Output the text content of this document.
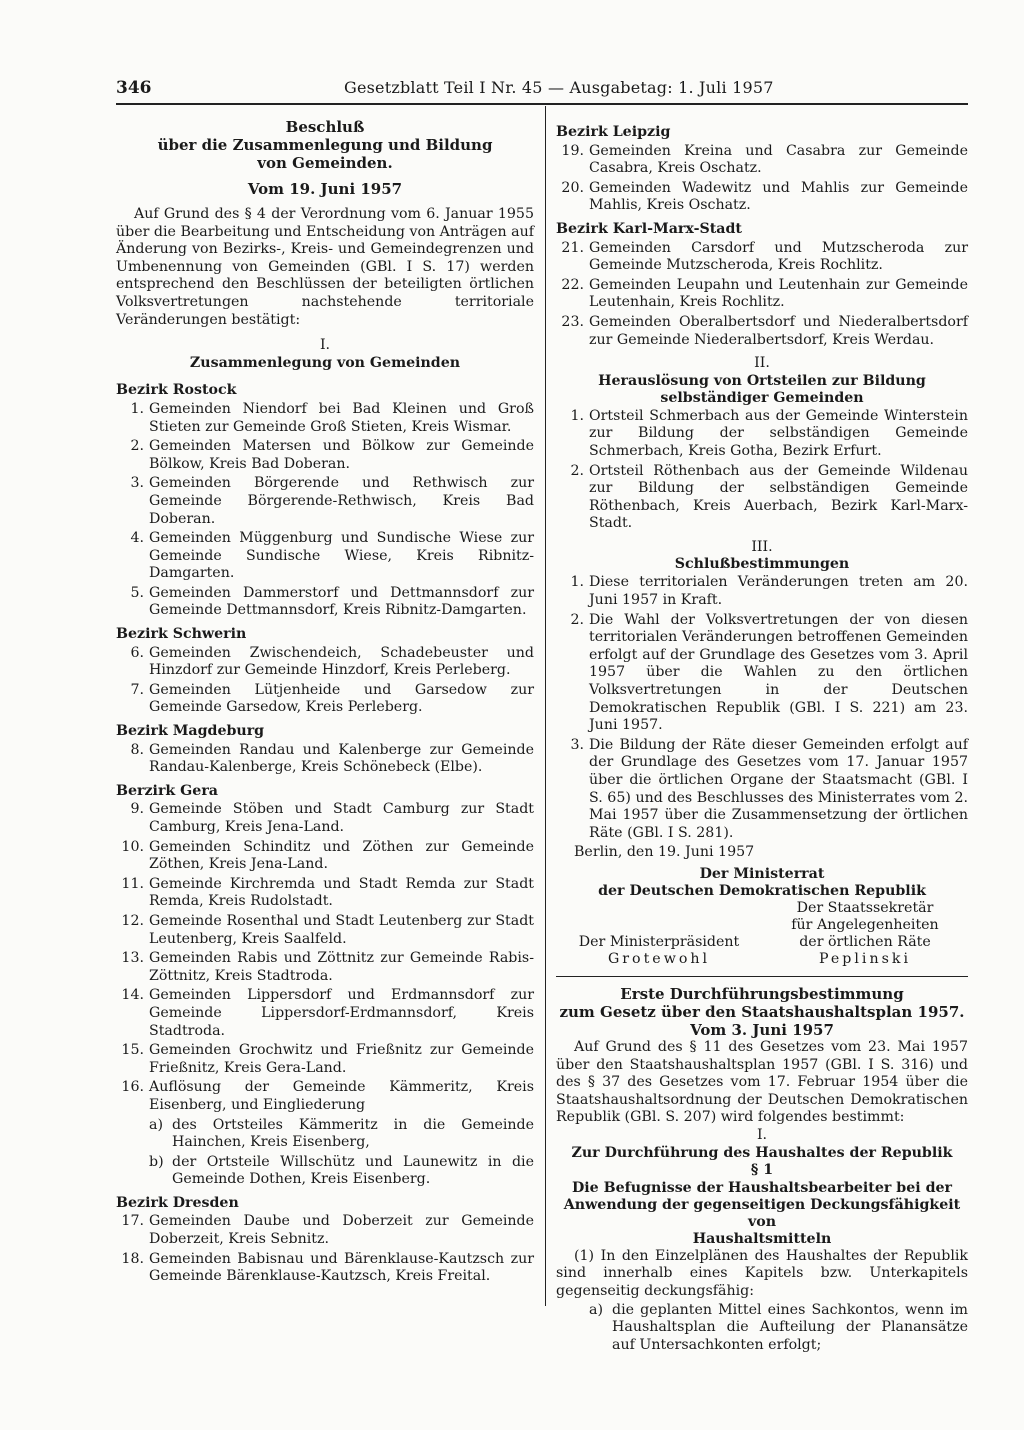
346	Gesetzblatt Teil I Nr. 45 — Ausgabetag: 1. Juli 1957
Beschluß
über die Zusammenlegung und Bildung
von Gemeinden.
Vom 19. Juni 1957
Auf Grund des § 4 der Verordnung vom 6. Januar 1955 über die Bearbeitung und Entscheidung von Anträgen auf Änderung von Bezirks-, Kreis- und Gemeindegrenzen und Umbenennung von Gemeinden (GBl. I S. 17) werden entsprechend den Beschlüssen der beteiligten örtlichen Volksvertretungen nachstehende territoriale Veränderungen bestätigt:
I.
Zusammenlegung von Gemeinden
Bezirk Rostock
1. Gemeinden Niendorf bei Bad Kleinen und Groß Stieten zur Gemeinde Groß Stieten, Kreis Wismar.
2. Gemeinden Matersen und Bölkow zur Gemeinde Bölkow, Kreis Bad Doberan.
3. Gemeinden Börgerende und Rethwisch zur Gemeinde Börgerende-Rethwisch, Kreis Bad Doberan.
4. Gemeinden Müggenburg und Sundische Wiese zur Gemeinde Sundische Wiese, Kreis Ribnitz-Damgarten.
5. Gemeinden Dammerstorf und Dettmannsdorf zur Gemeinde Dettmannsdorf, Kreis Ribnitz-Damgarten.
Bezirk Schwerin
6. Gemeinden Zwischendeich, Schadebeuster und Hinzdorf zur Gemeinde Hinzdorf, Kreis Perleberg.
7. Gemeinden Lütjenheide und Garsedow zur Gemeinde Garsedow, Kreis Perleberg.
Bezirk Magdeburg
8. Gemeinden Randau und Kalenberge zur Gemeinde Randau-Kalenberge, Kreis Schönebeck (Elbe).
Berzirk Gera
9. Gemeinde Stöben und Stadt Camburg zur Stadt Camburg, Kreis Jena-Land.
10. Gemeinden Schinditz und Zöthen zur Gemeinde Zöthen, Kreis Jena-Land.
11. Gemeinde Kirchremda und Stadt Remda zur Stadt Remda, Kreis Rudolstadt.
12. Gemeinde Rosenthal und Stadt Leutenberg zur Stadt Leutenberg, Kreis Saalfeld.
13. Gemeinden Rabis und Zöttnitz zur Gemeinde Rabis-Zöttnitz, Kreis Stadtroda.
14. Gemeinden Lippersdorf und Erdmannsdorf zur Gemeinde Lippersdorf-Erdmannsdorf, Kreis Stadtroda.
15. Gemeinden Grochwitz und Frießnitz zur Gemeinde Frießnitz, Kreis Gera-Land.
16. Auflösung der Gemeinde Kämmeritz, Kreis Eisenberg, und Eingliederung
a) des Ortsteiles Kämmeritz in die Gemeinde Hainchen, Kreis Eisenberg,
b) der Ortsteile Willschütz und Launewitz in die Gemeinde Dothen, Kreis Eisenberg.
Bezirk Dresden
17. Gemeinden Daube und Doberzeit zur Gemeinde Doberzeit, Kreis Sebnitz.
18. Gemeinden Babisnau und Bärenklause-Kautzsch zur Gemeinde Bärenklause-Kautzsch, Kreis Freital.
Bezirk Leipzig
19. Gemeinden Kreina und Casabra zur Gemeinde Casabra, Kreis Oschatz.
20. Gemeinden Wadewitz und Mahlis zur Gemeinde Mahlis, Kreis Oschatz.
Bezirk Karl-Marx-Stadt
21. Gemeinden Carsdorf und Mutzscheroda zur Gemeinde Mutzscheroda, Kreis Rochlitz.
22. Gemeinden Leupahn und Leutenhain zur Gemeinde Leutenhain, Kreis Rochlitz.
23. Gemeinden Oberalbertsdorf und Niederalbertsdorf zur Gemeinde Niederalbertsdorf, Kreis Werdau.
II.
Herauslösung von Ortsteilen zur Bildung
selbständiger Gemeinden
1. Ortsteil Schmerbach aus der Gemeinde Winterstein zur Bildung der selbständigen Gemeinde Schmerbach, Kreis Gotha, Bezirk Erfurt.
2. Ortsteil Röthenbach aus der Gemeinde Wildenau zur Bildung der selbständigen Gemeinde Röthenbach, Kreis Auerbach, Bezirk Karl-Marx-Stadt.
III.
Schlußbestimmungen
1. Diese territorialen Veränderungen treten am 20. Juni 1957 in Kraft.
2. Die Wahl der Volksvertretungen der von diesen territorialen Veränderungen betroffenen Gemeinden erfolgt auf der Grundlage des Gesetzes vom 3. April 1957 über die Wahlen zu den örtlichen Volksvertretungen in der Deutschen Demokratischen Republik (GBl. I S. 221) am 23. Juni 1957.
3. Die Bildung der Räte dieser Gemeinden erfolgt auf der Grundlage des Gesetzes vom 17. Januar 1957 über die örtlichen Organe der Staatsmacht (GBl. I S. 65) und des Beschlusses des Ministerrates vom 2. Mai 1957 über die Zusammensetzung der örtlichen Räte (GBl. I S. 281).
Berlin, den 19. Juni 1957
Der Ministerrat
der Deutschen Demokratischen Republik

	Der Staatssekretär
für Angelegenheiten

Der Ministerpräsident	der örtlichen Räte
Grotewohl	Peplinski
Erste Durchführungsbestimmung
zum Gesetz über den Staatshaushaltsplan 1957.
Vom 3. Juni 1957
Auf Grund des § 11 des Gesetzes vom 23. Mai 1957 über den Staatshaushaltsplan 1957 (GBl. I S. 316) und des § 37 des Gesetzes vom 17. Februar 1954 über die Staatshaushaltsordnung der Deutschen Demokratischen Republik (GBl. S. 207) wird folgendes bestimmt:
I.
Zur Durchführung des Haushaltes der Republik
§ 1
Die Befugnisse der Haushaltsbearbeiter bei der
Anwendung der gegenseitigen Deckungsfähigkeit von
Haushaltsmitteln
(1) In den Einzelplänen des Haushaltes der Republik sind innerhalb eines Kapitels bzw. Unterkapitels gegenseitig deckungsfähig:
a) die geplanten Mittel eines Sachkontos, wenn im Haushaltsplan die Aufteilung der Planansätze auf Untersachkonten erfolgt;
